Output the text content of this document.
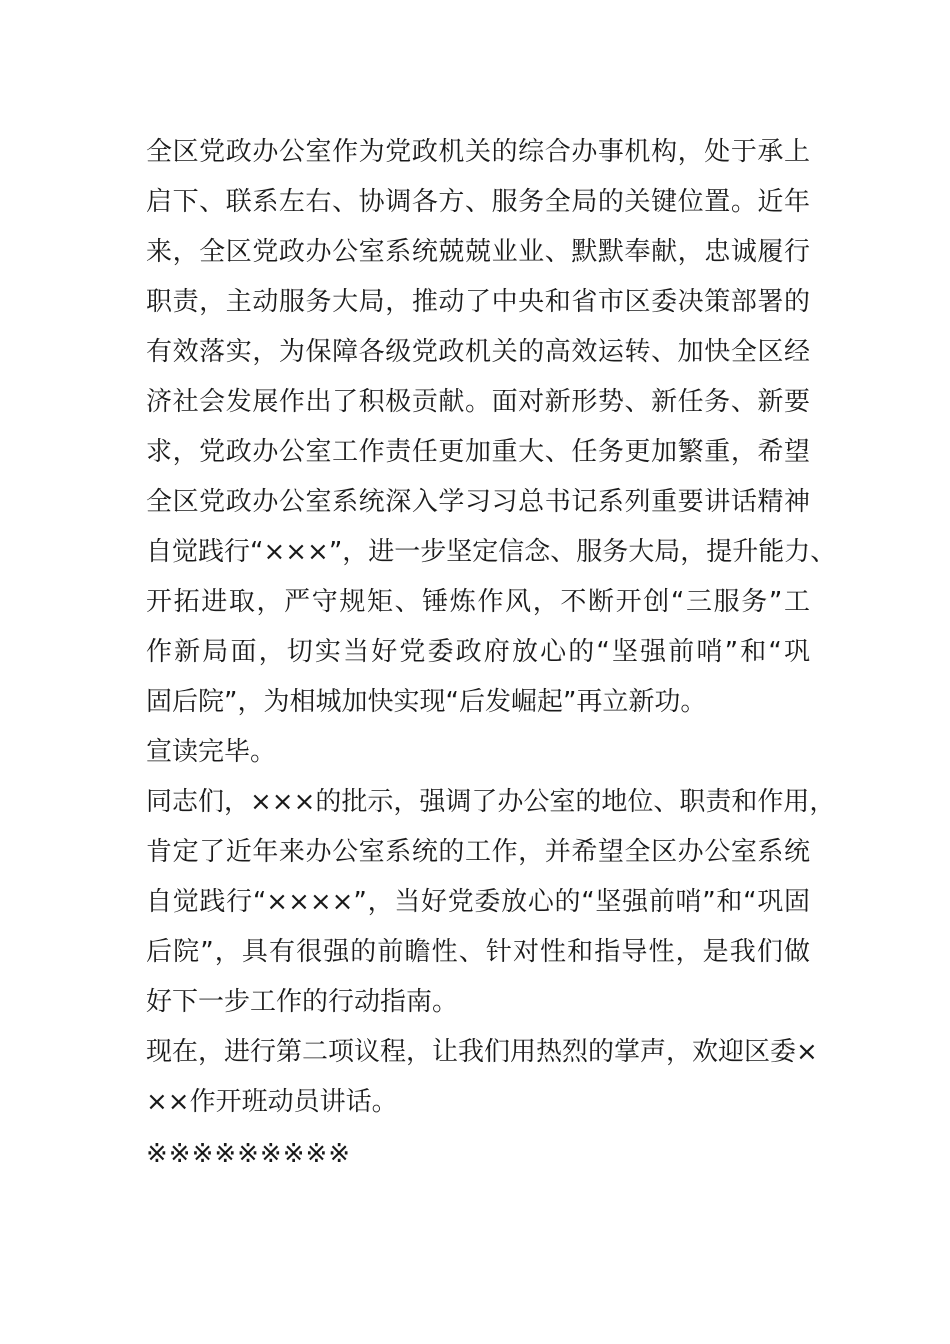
全区党政办公室作为党政机关的综合办事机构，处于承上
启下、联系左右、协调各方、服务全局的关键位置。近年
来，全区党政办公室系统兢兢业业、默默奉献，忠诚履行
职责，主动服务大局，推动了中央和省市区委决策部署的
有效落实，为保障各级党政机关的高效运转、加快全区经
济社会发展作出了积极贡献。面对新形势、新任务、新要
求，党政办公室工作责任更加重大、任务更加繁重，希望
全区党政办公室系统深入学习习总书记系列重要讲话精神
自觉践行“×××”，进一步坚定信念、服务大局，提升能力、
开拓进取，严守规矩、锤炼作风，不断开创“三服务”工
作新局面，切实当好党委政府放心的“坚强前哨”和“巩
固后院”，为相城加快实现“后发崛起”再立新功。
宣读完毕。
同志们，×××的批示，强调了办公室的地位、职责和作用，
肯定了近年来办公室系统的工作，并希望全区办公室系统
自觉践行“××××”，当好党委放心的“坚强前哨”和“巩固
后院”，具有很强的前瞻性、针对性和指导性，是我们做
好下一步工作的行动指南。
现在，进行第二项议程，让我们用热烈的掌声，欢迎区委×
××作开班动员讲话。
※※※※※※※※※
